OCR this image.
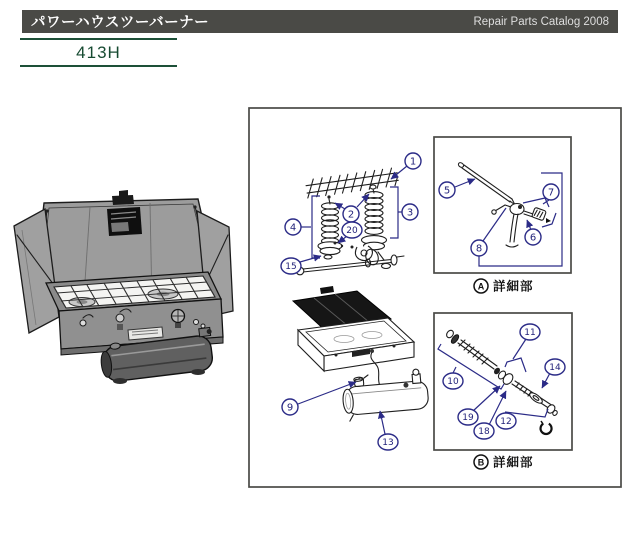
パワーハウスツーバーナー	Repair Parts Catalog 2008
413H
A 詳細部
B 詳細部
1
2	3
4
5
6
7
8
9
10
11
12
13
14
15
18
19
20
